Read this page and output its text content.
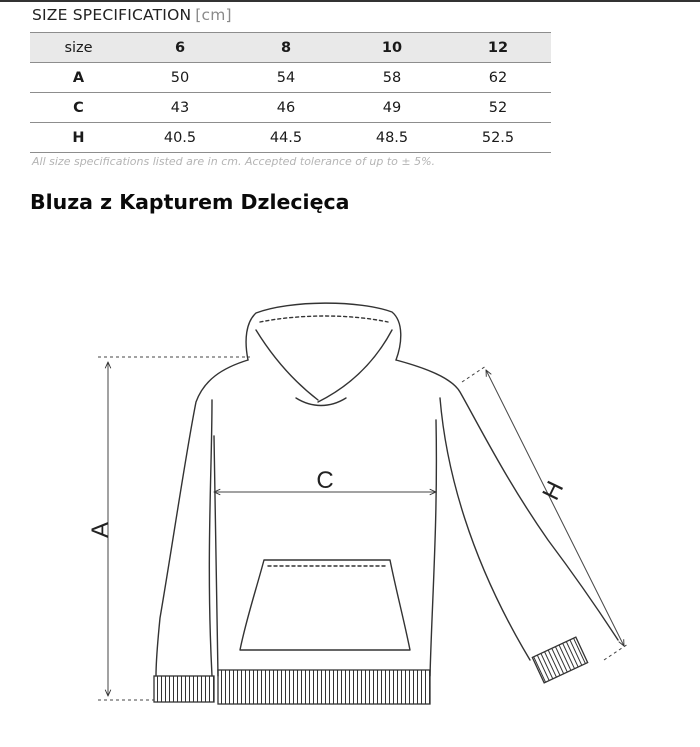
SIZE SPECIFICATION [cm]
size	6	8	10	12
A	50	54	58	62
C	43	46	49	52
H	40.5	44.5	48.5	52.5
All size specifications listed are in cm. Accepted tolerance of up to ± 5%.
Bluza z Kapturem Dzlecięca
A
C	H
